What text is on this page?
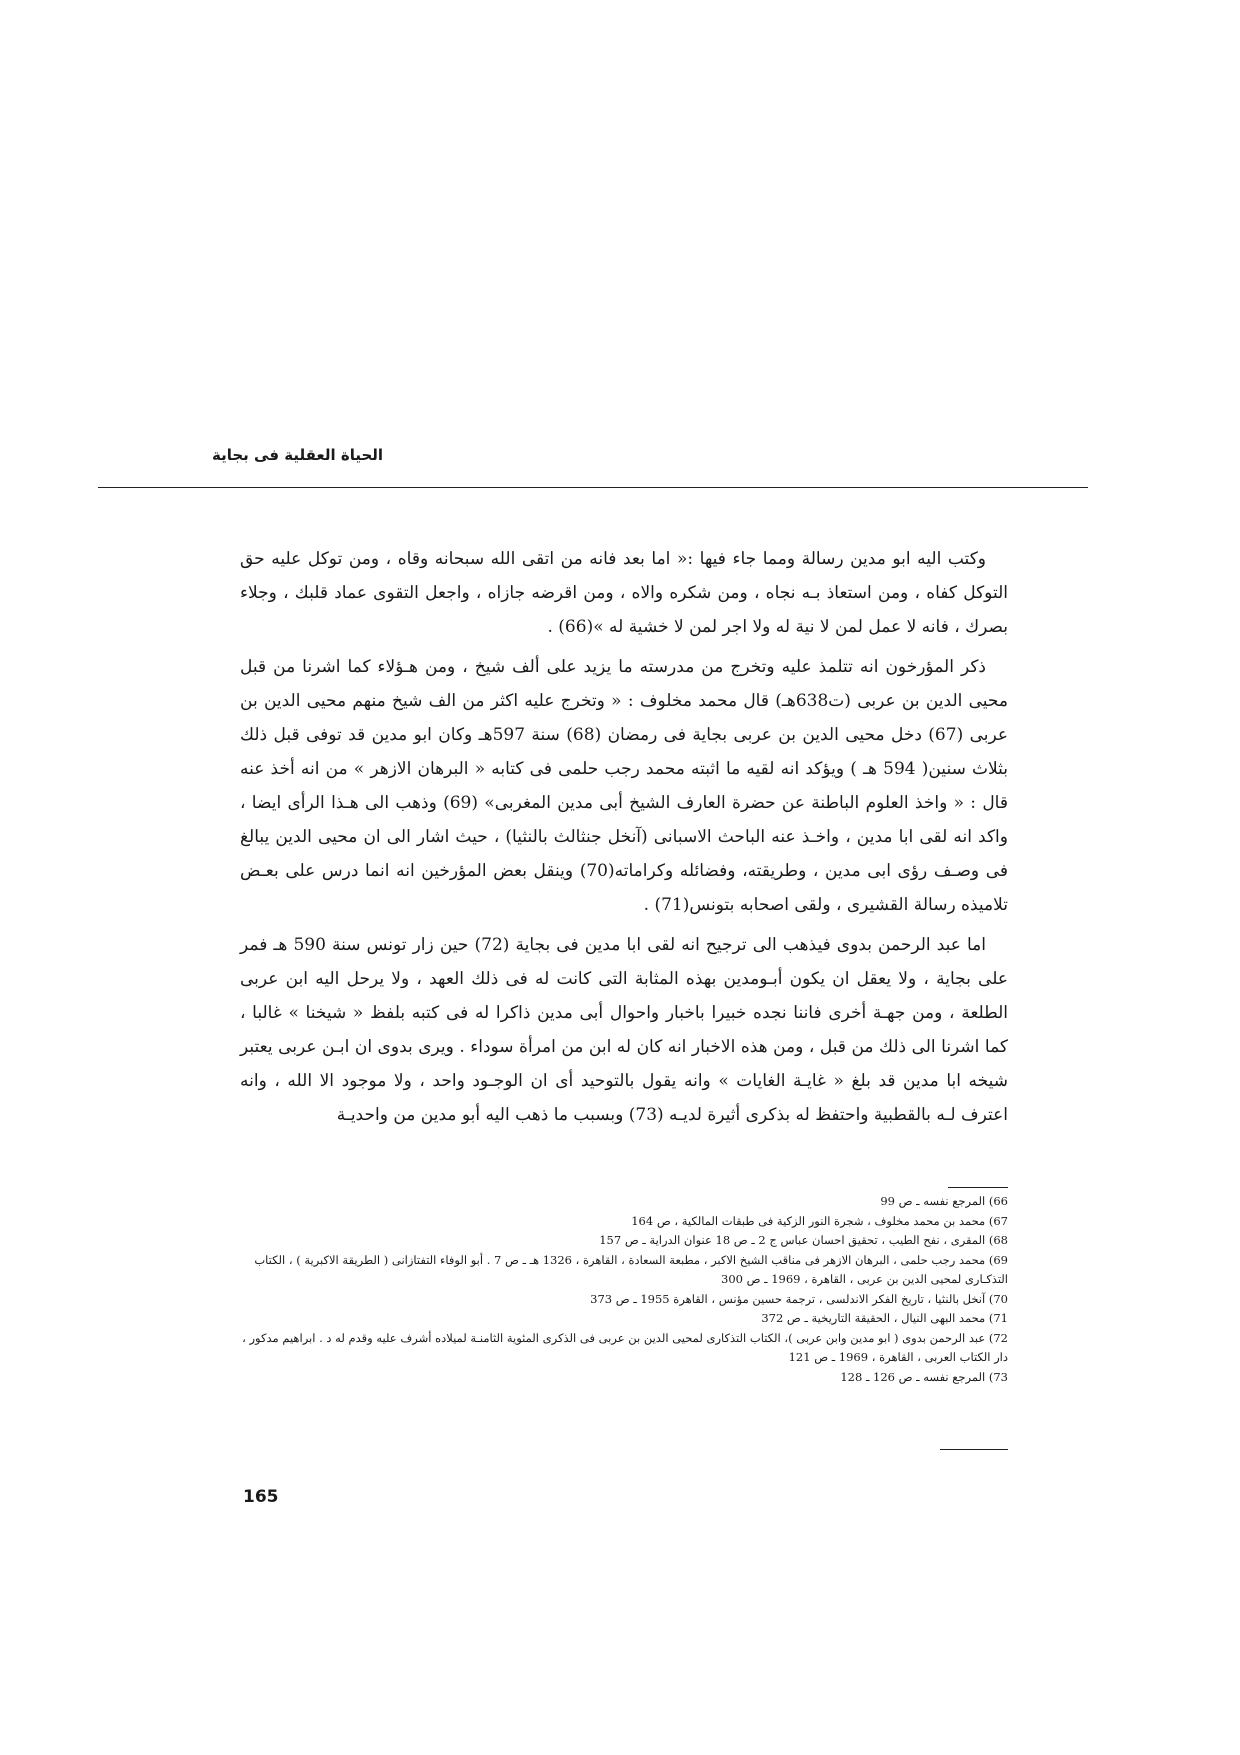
الحياة العقلية فى بجاية

وكتب اليه ابو مدين رسالة ومما جاء فيها :« اما بعد فانه من اتقى الله سبحانه وقاه ، ومن توكل عليه حق التوكل كفاه ، ومن استعاذ بـه نجاه ، ومن شكره والاه ، ومن اقرضه جازاه ، واجعل التقوى عماد قلبك ، وجلاء بصرك ، فانه لا عمل لمن لا نية له ولا اجر لمن لا خشية له »(66) .

ذكر المؤرخون انه تتلمذ عليه وتخرج من مدرسته ما يزيد على ألف شيخ ، ومن هـؤلاء كما اشرنا من قبل محيى الدين بن عربى (ت638هـ) قال محمد مخلوف : « وتخرج عليه اكثر من الف شيخ منهم محيى الدين بن عربى (67) دخل محيى الدين بن عربى بجاية فى رمضان (68) سنة 597هـ وكان ابو مدين قد توفى قبل ذلك بثلاث سنين( 594 هـ ) ويؤكد انه لقيه ما اثبته محمد رجب حلمى فى كتابه « البرهان الازهر » من انه أخذ عنه قال : « واخذ العلوم الباطنة عن حضرة العارف الشيخ أبى مدين المغربى» (69) وذهب الى هـذا الرأى ايضا ، واكد انه لقى ابا مدين ، واخـذ عنه الباحث الاسبانى (آنخل جنثالث بالنثيا) ، حيث اشار الى ان محيى الدين يبالغ فى وصـف رؤى ابى مدين ، وطريقته، وفضائله وكراماته(70) وينقل بعض المؤرخين انه انما درس على بعـض تلاميذه رسالة القشيرى ، ولقى اصحابه بتونس(71) .

اما عبد الرحمن بدوى فيذهب الى ترجيح انه لقى ابا مدين فى بجاية (72) حين زار تونس سنة 590 هـ فمر على بجاية ، ولا يعقل ان يكون أبـومدين بهذه المثابة التى كانت له فى ذلك العهد ، ولا يرحل اليه ابن عربى الطلعة ، ومن جهـة أخرى فاننا نجده خبيرا باخبار واحوال أبى مدين ذاكرا له فى كتبه بلفظ « شيخنا » غالبا ، كما اشرنا الى ذلك من قبل ، ومن هذه الاخبار انه كان له ابن من امرأة سوداء . ويرى بدوى ان ابـن عربى يعتبر شيخه ابا مدين قد بلغ « غايـة الغايات » وانه يقول بالتوحيد أى ان الوجـود واحد ، ولا موجود الا الله ، وانه اعترف لـه بالقطبية واحتفظ له بذكرى أثيرة لديـه (73) وبسبب ما ذهب اليه أبو مدين من واحديـة

66) المرجع نفسه ـ ص 99

67) محمد بن محمد مخلوف ، شجرة النور الزكية فى طبقات المالكية ، ص 164

68) المقرى ، نفح الطيب ، تحقيق احسان عباس ج 2 ـ ص 18 عنوان الدراية ـ ص 157

69) محمد رجب حلمى ، البرهان الازهر فى مناقب الشيخ الاكبر ، مطبعة السعادة ، القاهرة ، 1326 هـ ـ ص 7 . أبو الوفاء التفتازانى ( الطريقة الاكبرية ) ، الكتاب التذكـارى لمحيى الدين بن عربى ، القاهرة ، 1969 ـ ص 300

70) آنخل بالنثيا ، تاريخ الفكر الاندلسى ، ترجمة حسين مؤنس ، القاهرة 1955 ـ ص 373

71) محمد البهى النيال ، الحقيقة التاريخية ـ ص 372

72) عبد الرحمن بدوى ( ابو مدين وابن عربى )، الكتاب التذكارى لمحيى الدين بن عربى فى الذكرى المئوية الثامنـة لميلاده أشرف عليه وقدم له د . ابراهيم مدكور ، دار الكتاب العربى ، القاهرة ، 1969 ـ ص 121

73) المرجع نفسه ـ ص 126 ـ 128

165
